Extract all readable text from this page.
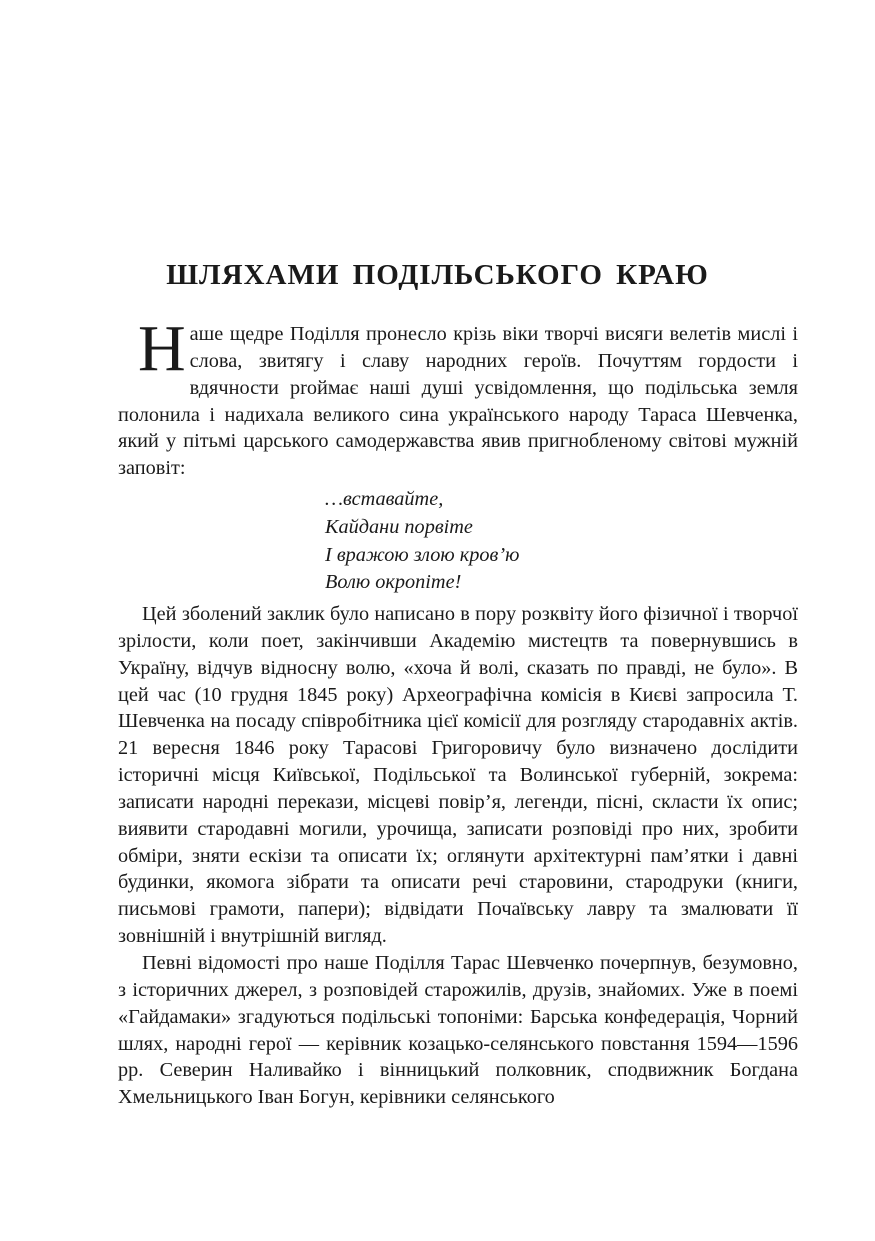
ШЛЯХАМИ ПОДІЛЬСЬКОГО КРАЮ

Наше щедре Поділля пронесло крізь віки творчі висяги велетів мислі і слова, звитягу і славу народних героїв. Почуттям гордости і вдячности proймає наші душі усвідомлення, що подільська земля полонила і надихала великого сина українського народу Тараса Шевченка, який у пітьмі царського самодержавства явив пригнобленому світові мужній заповіт:

…вставайте,
Кайдани порвіте
І вражою злою кров’ю
Волю окропіте!

Цей зболений заклик було написано в пору розквіту його фізичної і творчої зрілости, коли поет, закінчивши Академію мистецтв та повернувшись в Україну, відчув відносну волю, «хоча й волі, сказать по правді, не було». В цей час (10 грудня 1845 року) Археографічна комісія в Києві запросила Т. Шевченка на посаду співробітника цієї комісії для розгляду стародавніх актів. 21 вересня 1846 року Тарасові Григоровичу було визначено дослідити історичні місця Київської, Подільської та Волинської губерній, зокрема: записати народні перекази, місцеві повір’я, легенди, пісні, скласти їх опис; виявити стародавні могили, урочища, записати розповіді про них, зробити обміри, зняти ескізи та описати їх; оглянути архітектурні пам’ятки і давні будинки, якомога зібрати та описати речі старовини, стародруки (книги, письмові грамоти, папери); відвідати Почаївську лавру та змалювати її зовнішній і внутрішній вигляд.

Певні відомості про наше Поділля Тарас Шевченко почерпнув, безумовно, з історичних джерел, з розповідей старожилів, друзів, знайомих. Уже в поемі «Гайдамаки» згадуються подільські топоніми: Барська конфедерація, Чорний шлях, народні герої — керівник козацько-селянського повстання 1594—1596 рр. Северин Наливайко і вінницький полковник, сподвижник Богдана Хмельницького Іван Богун, керівники селянського
